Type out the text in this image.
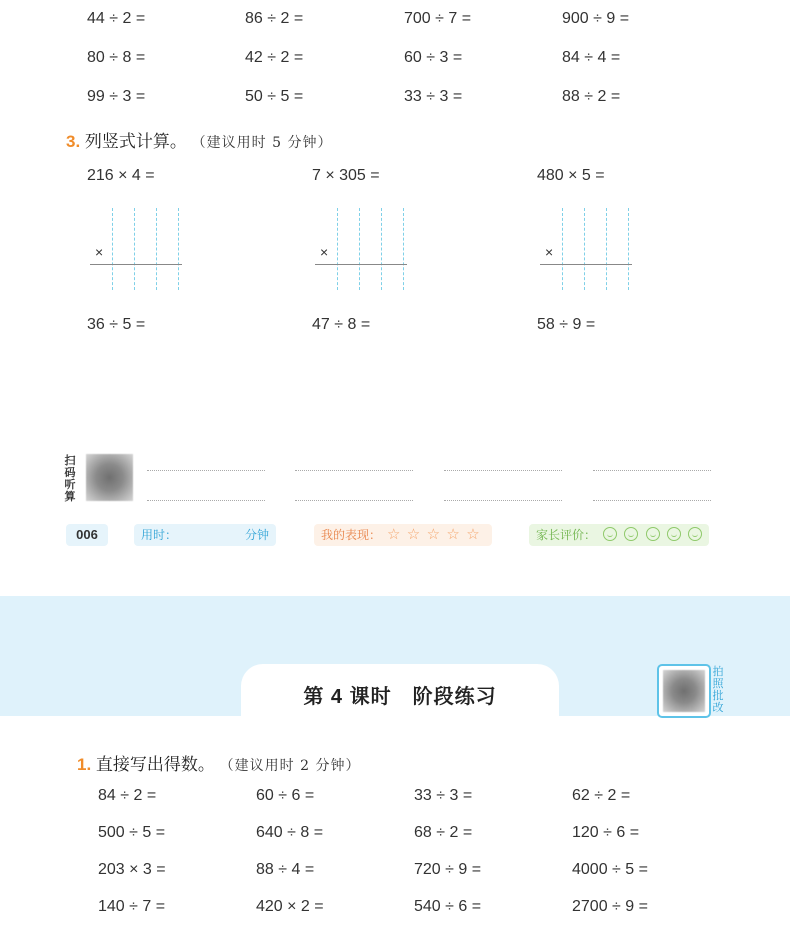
44 ÷ 2 =	86 ÷ 2 =	700 ÷ 7 =	900 ÷ 9 =
80 ÷ 8 =	42 ÷ 2 =	60 ÷ 3 =	84 ÷ 4 =
99 ÷ 3 =	50 ÷ 5 =	33 ÷ 3 =	88 ÷ 2 =
3. 列竖式计算。 （建议用时 5 分钟）
216 × 4 =	7 × 305 =	480 × 5 =
×	×	×
36 ÷ 5 =	47 ÷ 8 =	58 ÷ 9 =
扫码听算
006	用时：	分钟	我的表现： ☆ ☆ ☆ ☆ ☆	家长评价：

第 4 课时　阶段练习
拍照批改
1. 直接写出得数。 （建议用时 2 分钟）
84 ÷ 2 =	60 ÷ 6 =	33 ÷ 3 =	62 ÷ 2 =
500 ÷ 5 =	640 ÷ 8 =	68 ÷ 2 =	120 ÷ 6 =
203 × 3 =	88 ÷ 4 =	720 ÷ 9 =	4000 ÷ 5 =
140 ÷ 7 =	420 × 2 =	540 ÷ 6 =	2700 ÷ 9 =
